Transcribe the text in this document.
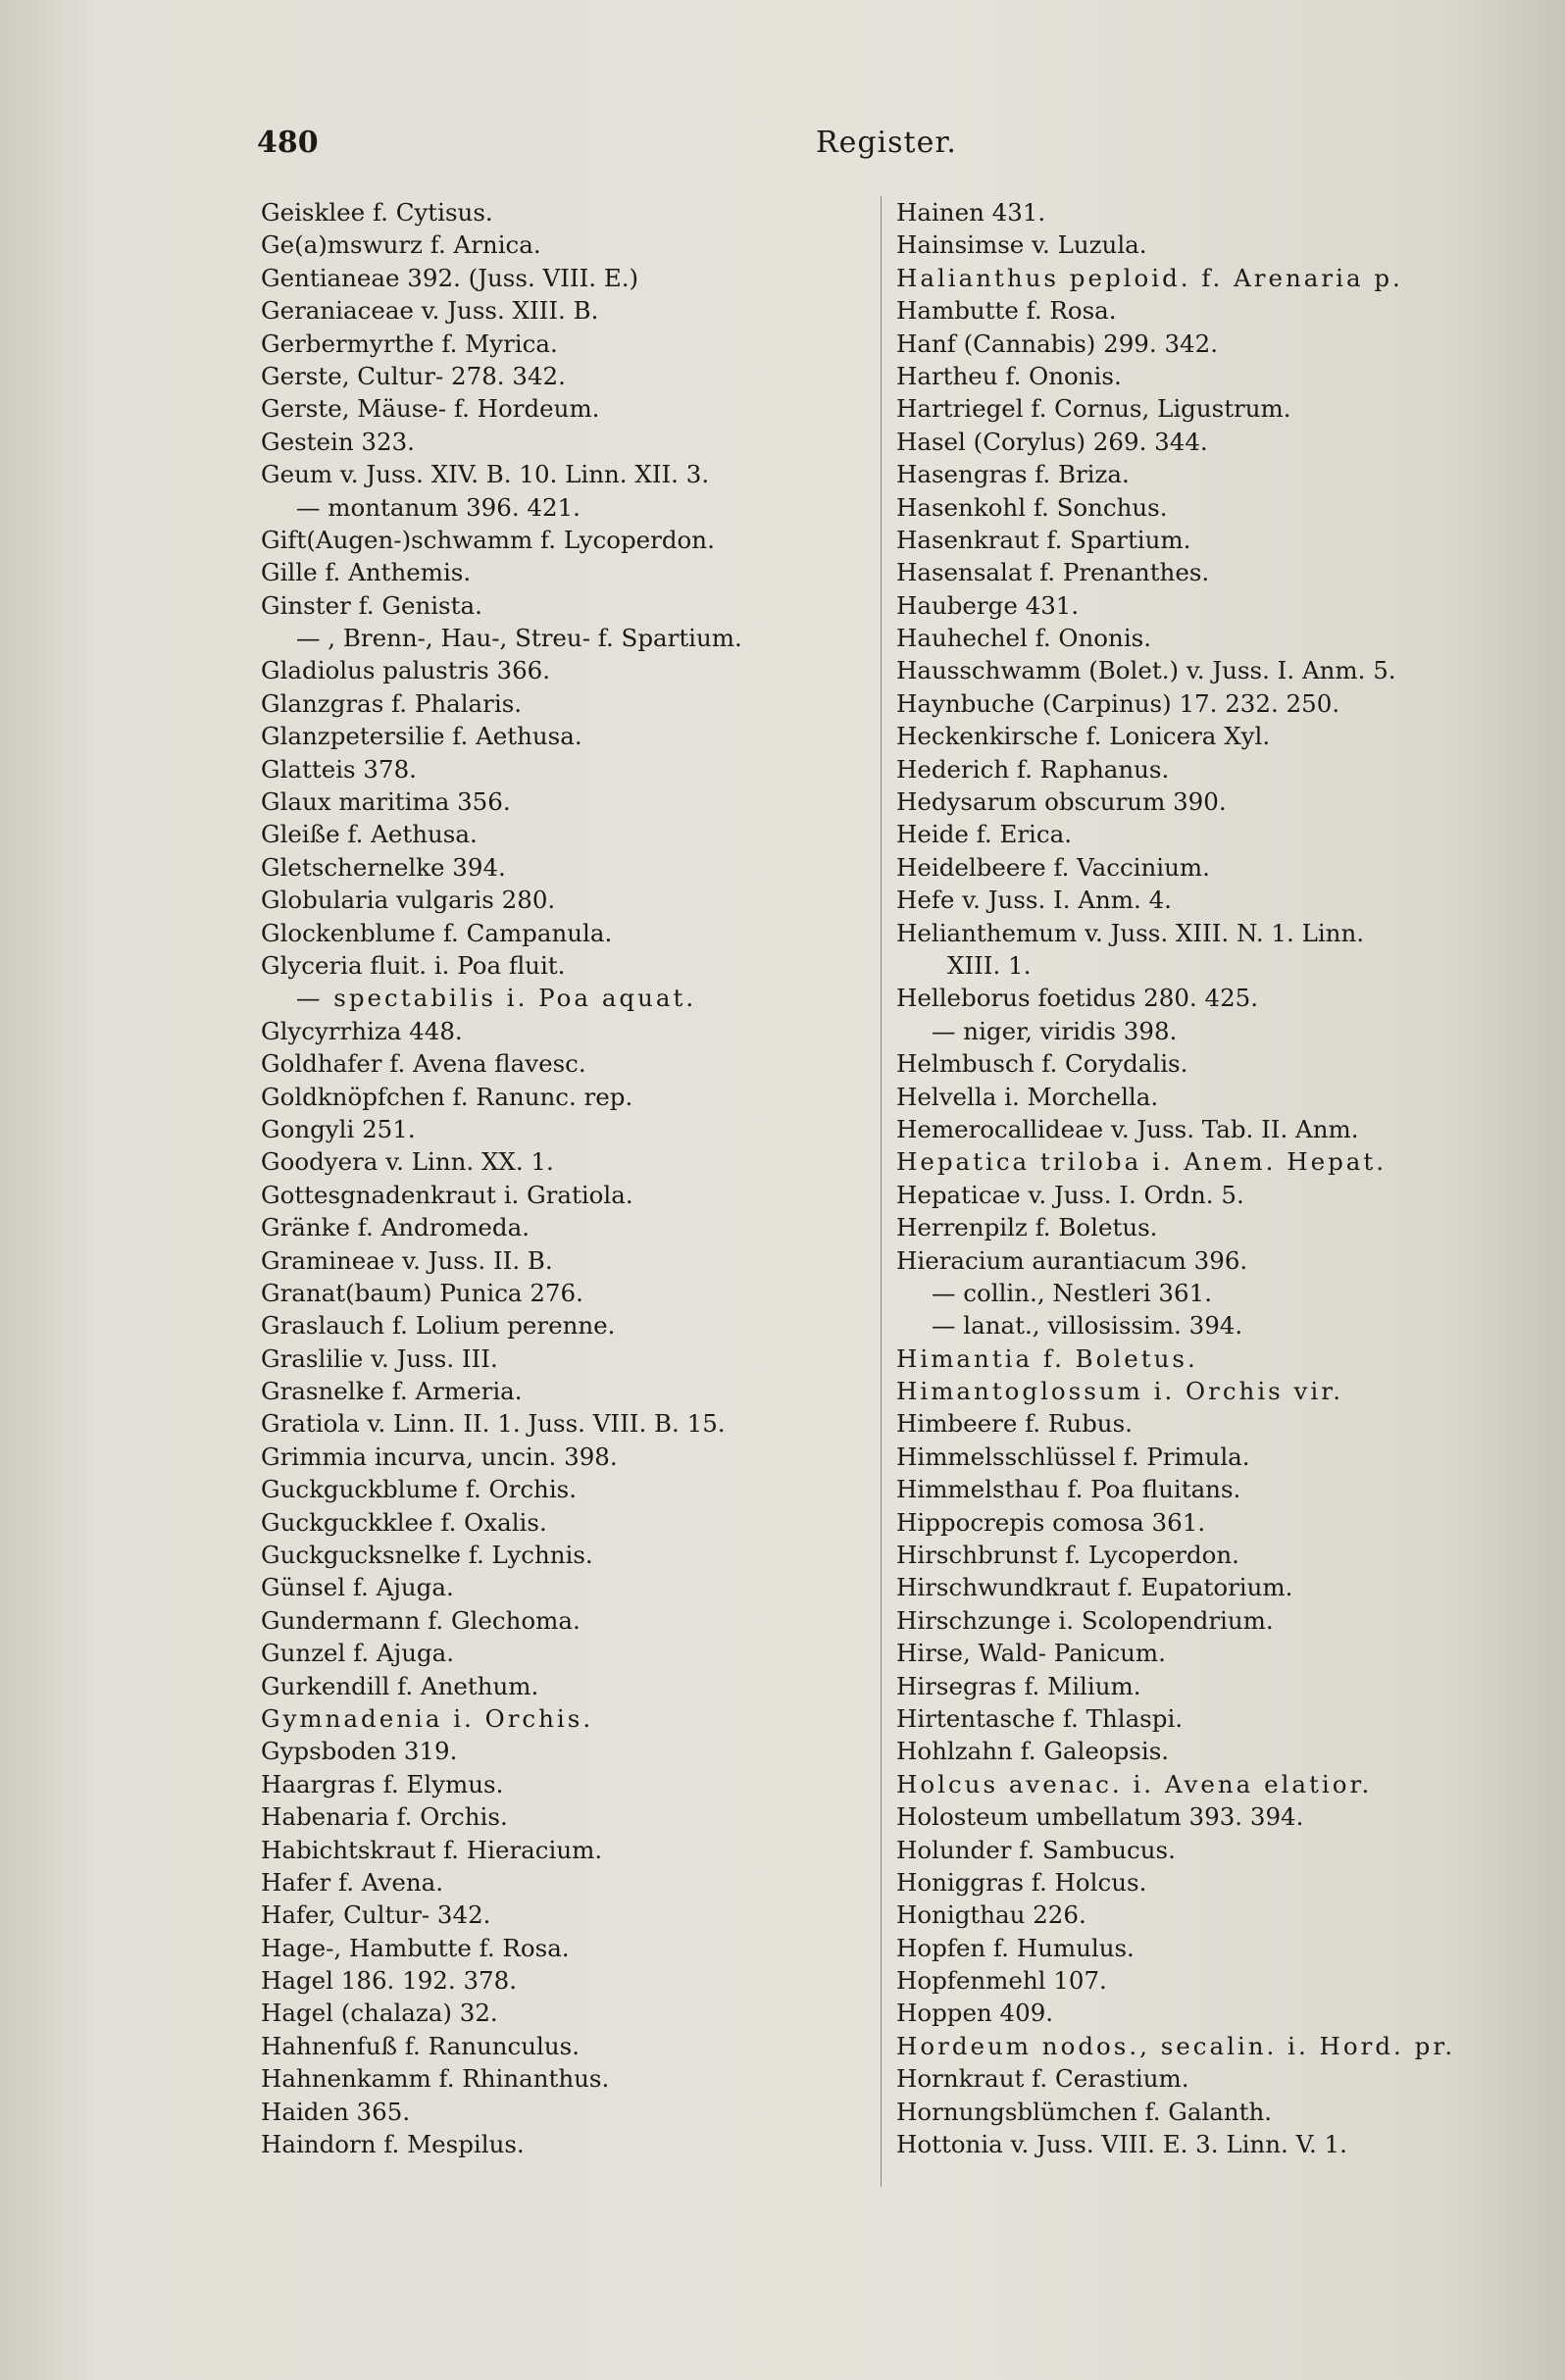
480	Register.
Geisklee f. Cytisus.
Ge(a)mswurz f. Arnica.
Gentianeae 392. (Juss. VIII. E.)
Geraniaceae v. Juss. XIII. B.
Gerbermyrthe f. Myrica.
Gerste, Cultur- 278. 342.
Gerste, Mäuse- f. Hordeum.
Gestein 323.
Geum v. Juss. XIV. B. 10. Linn. XII. 3.
— montanum 396. 421.
Gift(Augen-)schwamm f. Lycoperdon.
Gille f. Anthemis.
Ginster f. Genista.
— , Brenn-, Hau-, Streu- f. Spartium.
Gladiolus palustris 366.
Glanzgras f. Phalaris.
Glanzpetersilie f. Aethusa.
Glatteis 378.
Glaux maritima 356.
Gleiße f. Aethusa.
Gletschernelke 394.
Globularia vulgaris 280.
Glockenblume f. Campanula.
Glyceria fluit. i. Poa fluit.
— spectabilis i. Poa aquat.
Glycyrrhiza 448.
Goldhafer f. Avena flavesc.
Goldknöpfchen f. Ranunc. rep.
Gongyli 251.
Goodyera v. Linn. XX. 1.
Gottesgnadenkraut i. Gratiola.
Gränke f. Andromeda.
Gramineae v. Juss. II. B.
Granat(baum) Punica 276.
Graslauch f. Lolium perenne.
Graslilie v. Juss. III.
Grasnelke f. Armeria.
Gratiola v. Linn. II. 1. Juss. VIII. B. 15.
Grimmia incurva, uncin. 398.
Guckguckblume f. Orchis.
Guckguckklee f. Oxalis.
Guckgucksnelke f. Lychnis.
Günsel f. Ajuga.
Gundermann f. Glechoma.
Gunzel f. Ajuga.
Gurkendill f. Anethum.
Gymnadenia i. Orchis.
Gypsboden 319.
Haargras f. Elymus.
Habenaria f. Orchis.
Habichtskraut f. Hieracium.
Hafer f. Avena.
Hafer, Cultur- 342.
Hage-, Hambutte f. Rosa.
Hagel 186. 192. 378.
Hagel (chalaza) 32.
Hahnenfuß f. Ranunculus.
Hahnenkamm f. Rhinanthus.
Haiden 365.
Haindorn f. Mespilus.
Hainen 431.
Hainsimse v. Luzula.
Halianthus peploid. f. Arenaria p.
Hambutte f. Rosa.
Hanf (Cannabis) 299. 342.
Hartheu f. Ononis.
Hartriegel f. Cornus, Ligustrum.
Hasel (Corylus) 269. 344.
Hasengras f. Briza.
Hasenkohl f. Sonchus.
Hasenkraut f. Spartium.
Hasensalat f. Prenanthes.
Hauberge 431.
Hauhechel f. Ononis.
Hausschwamm (Bolet.) v. Juss. I. Anm. 5.
Haynbuche (Carpinus) 17. 232. 250.
Heckenkirsche f. Lonicera Xyl.
Hederich f. Raphanus.
Hedysarum obscurum 390.
Heide f. Erica.
Heidelbeere f. Vaccinium.
Hefe v. Juss. I. Anm. 4.
Helianthemum v. Juss. XIII. N. 1. Linn.
XIII. 1.
Helleborus foetidus 280. 425.
— niger, viridis 398.
Helmbusch f. Corydalis.
Helvella i. Morchella.
Hemerocallideae v. Juss. Tab. II. Anm.
Hepatica triloba i. Anem. Hepat.
Hepaticae v. Juss. I. Ordn. 5.
Herrenpilz f. Boletus.
Hieracium aurantiacum 396.
— collin., Nestleri 361.
— lanat., villosissim. 394.
Himantia f. Boletus.
Himantoglossum i. Orchis vir.
Himbeere f. Rubus.
Himmelsschlüssel f. Primula.
Himmelsthau f. Poa fluitans.
Hippocrepis comosa 361.
Hirschbrunst f. Lycoperdon.
Hirschwundkraut f. Eupatorium.
Hirschzunge i. Scolopendrium.
Hirse, Wald- Panicum.
Hirsegras f. Milium.
Hirtentasche f. Thlaspi.
Hohlzahn f. Galeopsis.
Holcus avenac. i. Avena elatior.
Holosteum umbellatum 393. 394.
Holunder f. Sambucus.
Honiggras f. Holcus.
Honigthau 226.
Hopfen f. Humulus.
Hopfenmehl 107.
Hoppen 409.
Hordeum nodos., secalin. i. Hord. pr.
Hornkraut f. Cerastium.
Hornungsblümchen f. Galanth.
Hottonia v. Juss. VIII. E. 3. Linn. V. 1.
